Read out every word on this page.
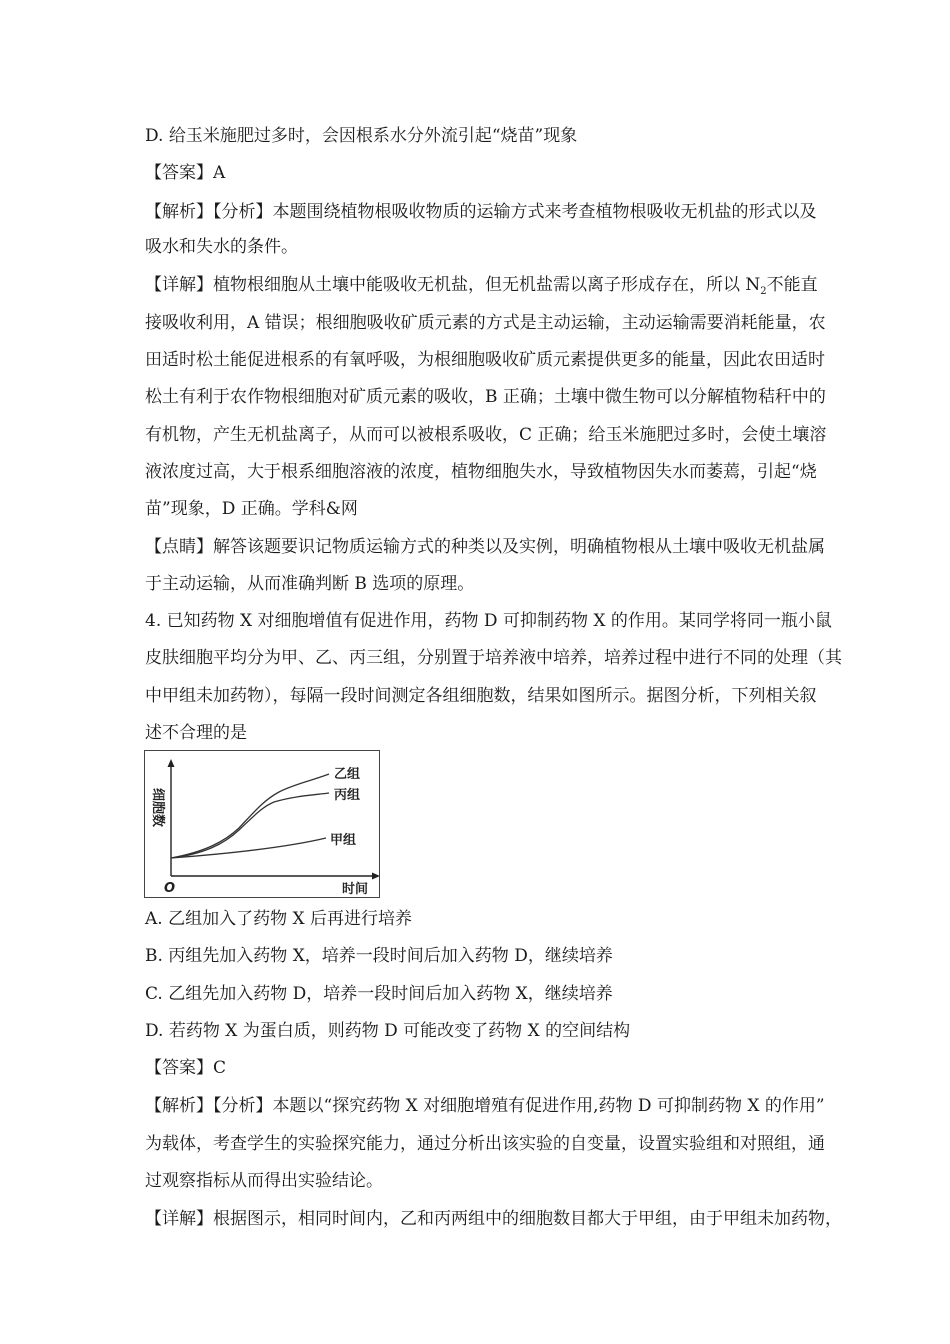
D. 给玉米施肥过多时，会因根系水分外流引起“烧苗”现象
【答案】A
【解析】【分析】本题围绕植物根吸收物质的运输方式来考查植物根吸收无机盐的形式以及
吸水和失水的条件。
【详解】植物根细胞从土壤中能吸收无机盐，但无机盐需以离子形成存在，所以 $N_2$不能直
接吸收利用，A 错误；根细胞吸收矿质元素的方式是主动运输，主动运输需要消耗能量，农
田适时松土能促进根系的有氧呼吸，为根细胞吸收矿质元素提供更多的能量，因此农田适时
松土有利于农作物根细胞对矿质元素的吸收，B 正确；土壤中微生物可以分解植物秸秆中的
有机物，产生无机盐离子，从而可以被根系吸收，C 正确；给玉米施肥过多时，会使土壤溶
液浓度过高，大于根系细胞溶液的浓度，植物细胞失水，导致植物因失水而萎蔫，引起“烧
苗”现象，D 正确。学科&网
【点睛】解答该题要识记物质运输方式的种类以及实例，明确植物根从土壤中吸收无机盐属
于主动运输，从而准确判断 B 选项的原理。
4. 已知药物 X 对细胞增值有促进作用，药物 D 可抑制药物 X 的作用。某同学将同一瓶小鼠
皮肤细胞平均分为甲、乙、丙三组，分别置于培养液中培养，培养过程中进行不同的处理（其
中甲组未加药物），每隔一段时间测定各组细胞数，结果如图所示。据图分析，下列相关叙
述不合理的是
乙组
丙组
甲组
O	时间
细胞数
A. 乙组加入了药物 X 后再进行培养
B. 丙组先加入药物 X，培养一段时间后加入药物 D，继续培养
C. 乙组先加入药物 D，培养一段时间后加入药物 X，继续培养
D. 若药物 X 为蛋白质，则药物 D 可能改变了药物 X 的空间结构
【答案】C
【解析】【分析】本题以“探究药物 X 对细胞增殖有促进作用,药物 D 可抑制药物 X 的作用”
为载体，考查学生的实验探究能力，通过分析出该实验的自变量，设置实验组和对照组，通
过观察指标从而得出实验结论。
【详解】根据图示，相同时间内，乙和丙两组中的细胞数目都大于甲组，由于甲组未加药物，
